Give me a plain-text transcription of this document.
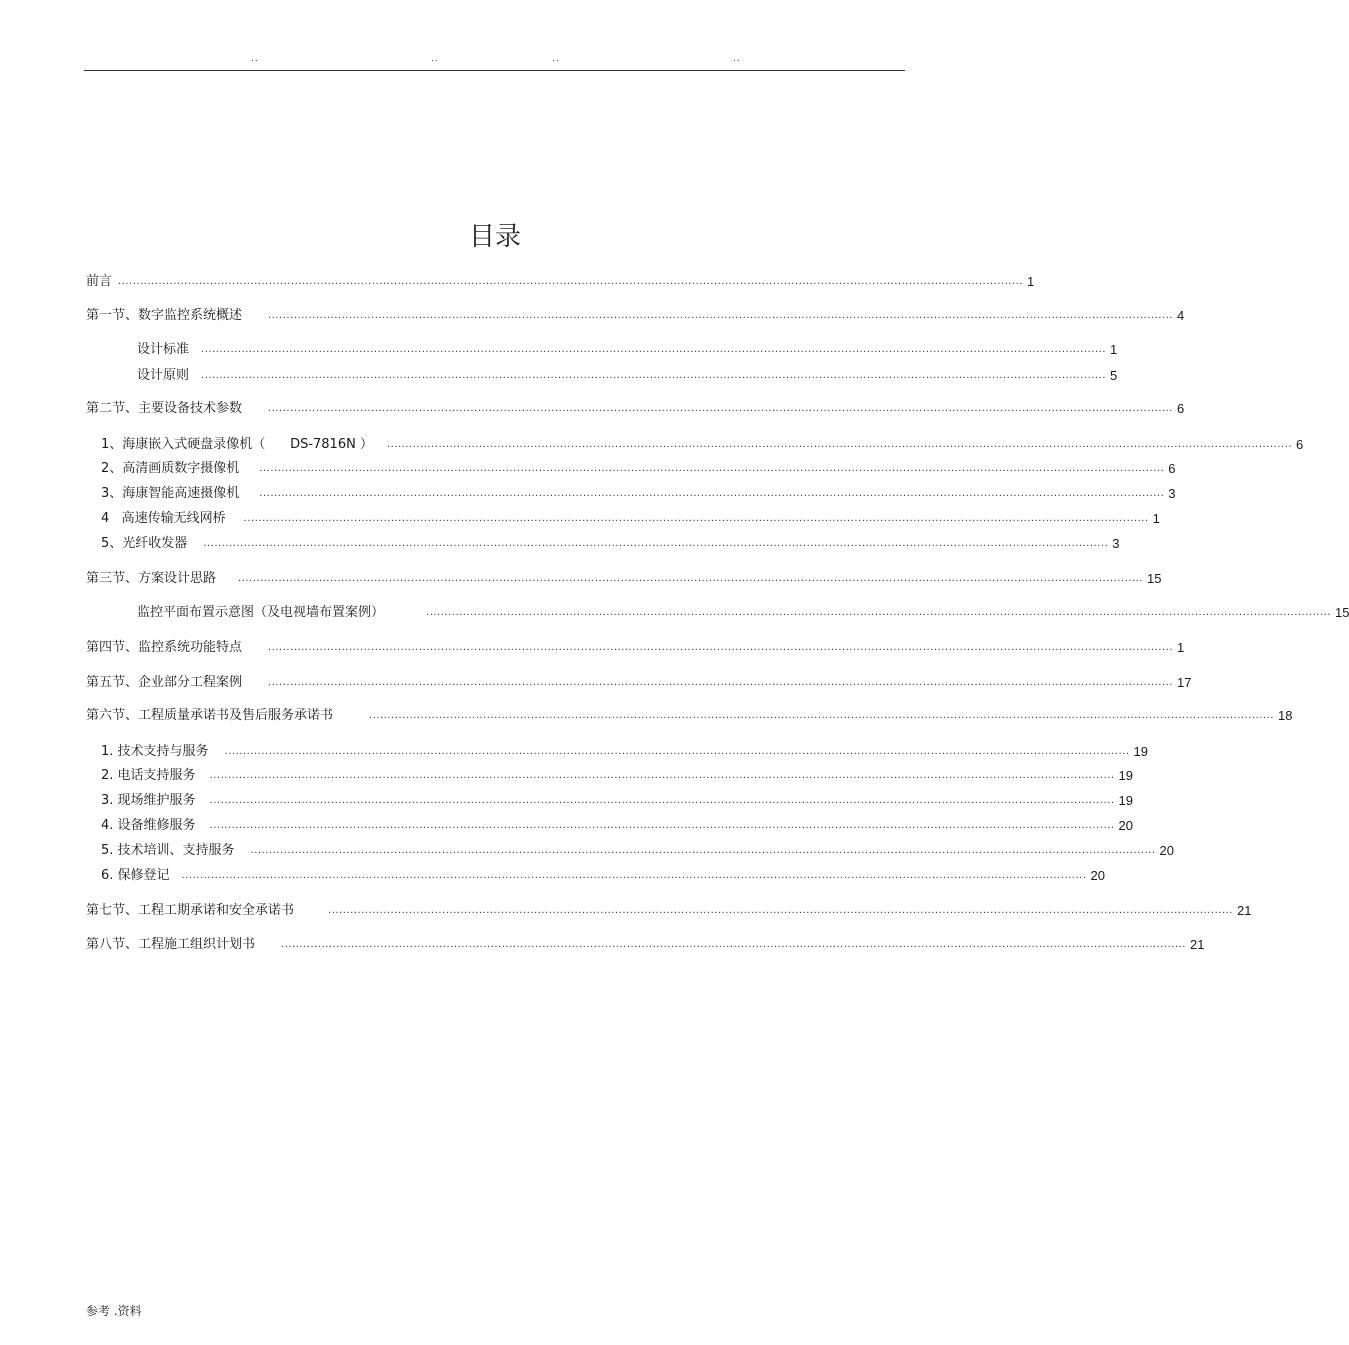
..	..	..	..
目录
前言 ...................................................................................................................................................................................................................................................... 1
第一节、数字监控系统概述	...................................................................................................................................................................................................................................................... 4
设计标准 ...................................................................................................................................................................................................................................................... 1
设计原则 ...................................................................................................................................................................................................................................................... 5
第二节、主要设备技术参数	...................................................................................................................................................................................................................................................... 6
1、海康嵌入式硬盘录像机（      DS-7816N ） ...................................................................................................................................................................................................................................................... 6
2、高清画质数字摄像机 ...................................................................................................................................................................................................................................................... 6
3、海康智能高速摄像机 ...................................................................................................................................................................................................................................................... 3
4   高速传输无线网桥 ...................................................................................................................................................................................................................................................... 1
5、光纤收发器 ...................................................................................................................................................................................................................................................... 3
第三节、方案设计思路 ...................................................................................................................................................................................................................................................... 15
监控平面布置示意图（及电视墙布置案例）	...................................................................................................................................................................................................................................................... 15
第四节、监控系统功能特点	...................................................................................................................................................................................................................................................... 1
第五节、企业部分工程案例	...................................................................................................................................................................................................................................................... 17
第六节、工程质量承诺书及售后服务承诺书	...................................................................................................................................................................................................................................................... 18
1. 技术支持与服务 ...................................................................................................................................................................................................................................................... 19
2. 电话支持服务 ...................................................................................................................................................................................................................................................... 19
3. 现场维护服务 ...................................................................................................................................................................................................................................................... 19
4. 设备维修服务 ...................................................................................................................................................................................................................................................... 20
5. 技术培训、支持服务 ...................................................................................................................................................................................................................................................... 20
6. 保修登记 ...................................................................................................................................................................................................................................................... 20
第七节、工程工期承诺和安全承诺书	...................................................................................................................................................................................................................................................... 21
第八节、工程施工组织计划书	...................................................................................................................................................................................................................................................... 21
参考 .资料
